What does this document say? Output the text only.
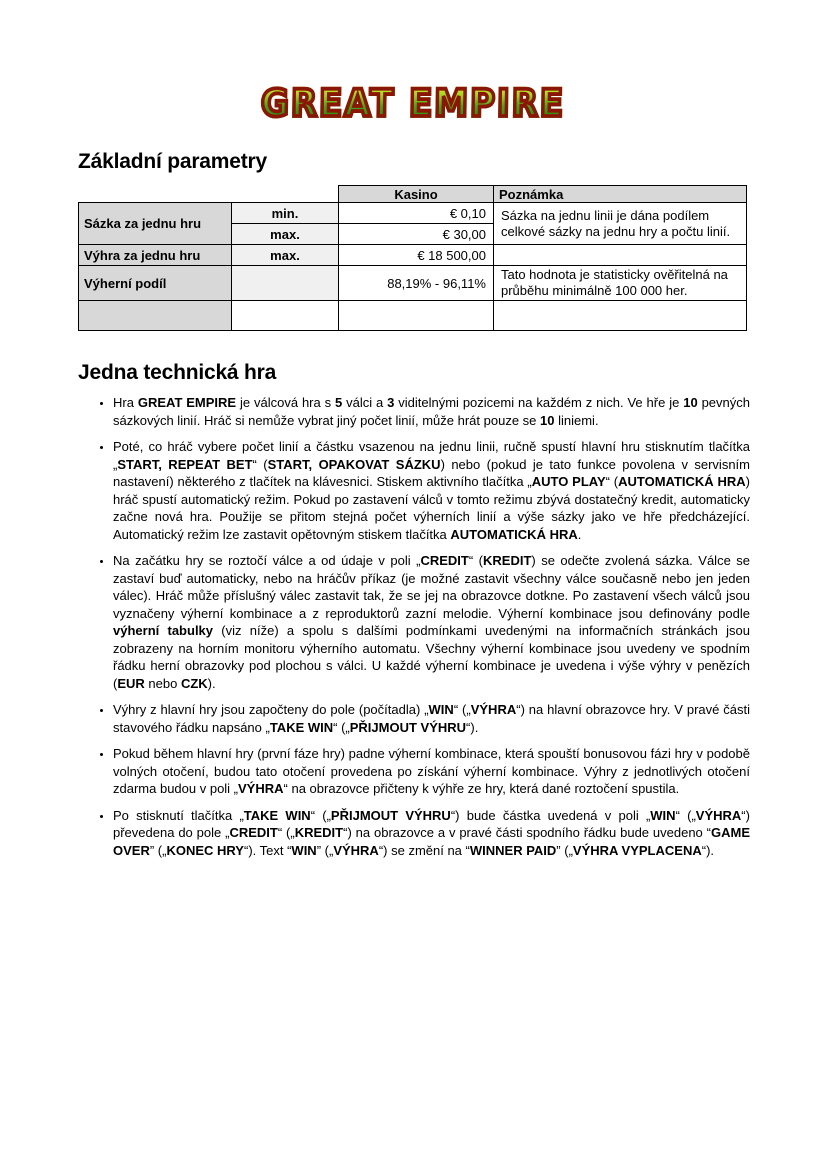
GREAT EMPIRE
Základní parametry
		Kasino	Poznámka
Sázka za jednu hru	min.	€ 0,10	Sázka na jednu linii je dána podílem celkové sázky na jednu hry a počtu linií.
	max.	€ 30,00	
Výhra za jednu hru	max.	€ 18 500,00	
Výherní podíl		88,19% - 96,11%	Tato hodnota je statisticky ověřitelná na průběhu minimálně 100 000 her.

Jedna technická hra
• Hra GREAT EMPIRE je válcová hra s 5 válci a 3 viditelnými pozicemi na každém z nich. Ve hře je 10 pevných sázkových linií. Hráč si nemůže vybrat jiný počet linií, může hrát pouze se 10 liniemi.
• Poté, co hráč vybere počet linií a částku vsazenou na jednu linii, ručně spustí hlavní hru stisknutím tlačítka „START, REPEAT BET“ (START, OPAKOVAT SÁZKU) nebo (pokud je tato funkce povolena v servisním nastavení) některého z tlačítek na klávesnici. Stiskem aktivního tlačítka „AUTO PLAY“ (AUTOMATICKÁ HRA) hráč spustí automatický režim. Pokud po zastavení válců v tomto režimu zbývá dostatečný kredit, automaticky začne nová hra. Použije se přitom stejná počet výherních linií a výše sázky jako ve hře předcházející. Automatický režim lze zastavit opětovným stiskem tlačítka AUTOMATICKÁ HRA.
• Na začátku hry se roztočí válce a od údaje v poli „CREDIT“ (KREDIT) se odečte zvolená sázka. Válce se zastaví buď automaticky, nebo na hráčův příkaz (je možné zastavit všechny válce současně nebo jen jeden válec). Hráč může příslušný válec zastavit tak, že se jej na obrazovce dotkne. Po zastavení všech válců jsou vyznačeny výherní kombinace a z reproduktorů zazní melodie. Výherní kombinace jsou definovány podle výherní tabulky (viz níže) a spolu s dalšími podmínkami uvedenými na informačních stránkách jsou zobrazeny na horním monitoru výherního automatu. Všechny výherní kombinace jsou uvedeny ve spodním řádku herní obrazovky pod plochou s válci. U každé výherní kombinace je uvedena i výše výhry v penězích (EUR nebo CZK).
• Výhry z hlavní hry jsou započteny do pole (počítadla) „WIN“ („VÝHRA“) na hlavní obrazovce hry. V pravé části stavového řádku napsáno „TAKE WIN“ („PŘIJMOUT VÝHRU“).
• Pokud během hlavní hry (první fáze hry) padne výherní kombinace, která spouští bonusovou fázi hry v podobě volných otočení, budou tato otočení provedena po získání výherní kombinace. Výhry z jednotlivých otočení zdarma budou v poli „VÝHRA“ na obrazovce přičteny k výhře ze hry, která dané roztočení spustila.
• Po stisknutí tlačítka „TAKE WIN“ („PŘIJMOUT VÝHRU“) bude částka uvedená v poli „WIN“ („VÝHRA“) převedena do pole „CREDIT“ („KREDIT“) na obrazovce a v pravé části spodního řádku bude uvedeno “GAME OVER” („KONEC HRY“). Text “WIN” („VÝHRA“) se změní na “WINNER PAID” („VÝHRA VYPLACENA“).
